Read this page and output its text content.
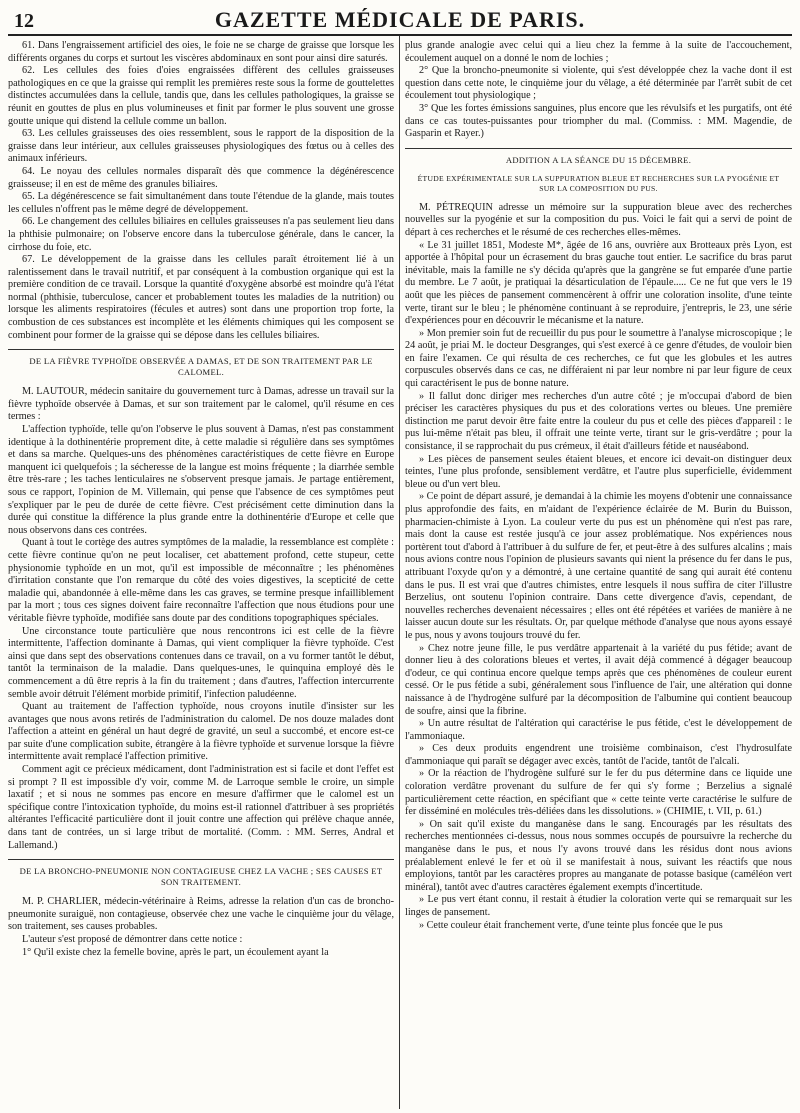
12	GAZETTE MÉDICALE DE PARIS.

61. Dans l'engraissement artificiel des oies, le foie ne se charge de graisse que lorsque les différents organes du corps et surtout les viscères abdominaux en sont pour ainsi dire saturés.

62. Les cellules des foies d'oies engraissées diffèrent des cellules graisseuses pathologiques en ce que la graisse qui remplit les premières reste sous la forme de gouttelettes distinctes accumulées dans la cellule, tandis que, dans les cellules pathologiques, la graisse se réunit en gouttes de plus en plus volumineuses et finit par former le plus souvent une grosse goutte unique qui distend la cellule comme un ballon.

63. Les cellules graisseuses des oies ressemblent, sous le rapport de la disposition de la graisse dans leur intérieur, aux cellules graisseuses physiologiques des fœtus ou à celles des animaux inférieurs.

64. Le noyau des cellules normales disparaît dès que commence la dégénérescence graisseuse; il en est de même des granules biliaires.

65. La dégénérescence se fait simultanément dans toute l'étendue de la glande, mais toutes les cellules n'offrent pas le même degré de développement.

66. Le changement des cellules biliaires en cellules graisseuses n'a pas seulement lieu dans la phthisie pulmonaire; on l'observe encore dans la tuberculose générale, dans le cancer, la cirrhose du foie, etc.

67. Le développement de la graisse dans les cellules paraît étroitement lié à un ralentissement dans le travail nutritif, et par conséquent à la combustion organique qui est la première condition de ce travail. Lorsque la quantité d'oxygène absorbé est moindre qu'à l'état normal (phthisie, tuberculose, cancer et probablement toutes les maladies de la nutrition) ou lorsque les aliments respiratoires (fécules et autres) sont dans une proportion trop forte, la combustion de ces substances est incomplète et les éléments chimiques qui les composent se combinent pour former de la graisse qui se dépose dans les cellules biliaires.

DE LA FIÈVRE TYPHOÏDE OBSERVÉE A DAMAS, ET DE SON TRAITEMENT PAR LE CALOMEL.

M. LAUTOUR, médecin sanitaire du gouvernement turc à Damas, adresse un travail sur la fièvre typhoïde observée à Damas, et sur son traitement par le calomel, qu'il résume en ces termes :

L'affection typhoïde, telle qu'on l'observe le plus souvent à Damas, n'est pas constamment identique à la dothinentérie proprement dite, à cette maladie si régulière dans ses symptômes et dans sa marche. Quelques-uns des phénomènes caractéristiques de cette fièvre en Europe manquent ici quelquefois ; la sécheresse de la langue est moins fréquente ; la diarrhée semble être très-rare ; les taches lenticulaires ne s'observent presque jamais. Je partage entièrement, sous ce rapport, l'opinion de M. Villemain, qui pense que l'absence de ces symptômes peut s'expliquer par le peu de durée de cette fièvre. C'est précisément cette diminution dans la durée qui constitue la différence la plus grande entre la dothinentérie d'Europe et celle que nous observons dans ces contrées.

Quant à tout le cortège des autres symptômes de la maladie, la ressemblance est complète : cette fièvre continue qu'on ne peut localiser, cet abattement profond, cette stupeur, cette physionomie typhoïde en un mot, qu'il est impossible de méconnaître ; les phénomènes d'irritation constante que l'on remarque du côté des voies digestives, la scepticité de cette maladie qui, abandonnée à elle-même dans les cas graves, se termine presque infailliblement par la mort ; tous ces signes doivent faire reconnaître l'affection que nous étudions pour une véritable fièvre typhoïde, modifiée sans doute par des conditions topographiques spéciales.

Une circonstance toute particulière que nous rencontrons ici est celle de la fièvre intermittente, l'affection dominante à Damas, qui vient compliquer la fièvre typhoïde. C'est ainsi que dans sept des observations contenues dans ce travail, on a vu former tantôt le début, tantôt la terminaison de la maladie. Dans quelques-unes, le quinquina employé dès le commencement a dû être repris à la fin du traitement ; dans d'autres, l'affection intercurrente semble avoir détruit l'élément morbide primitif, l'infection paludéenne.

Quant au traitement de l'affection typhoïde, nous croyons inutile d'insister sur les avantages que nous avons retirés de l'administration du calomel. De nos douze malades dont l'affection a atteint en général un haut degré de gravité, un seul a succombé, et encore est-ce par suite d'une complication subite, étrangère à la fièvre typhoïde et survenue lorsque la fièvre intermittente avait remplacé l'affection primitive.

Comment agit ce précieux médicament, dont l'administration est si facile et dont l'effet est si prompt ? Il est impossible d'y voir, comme M. de Larroque semble le croire, un simple laxatif ; et si nous ne sommes pas encore en mesure d'affirmer que le calomel est un spécifique contre l'intoxication typhoïde, du moins est-il rationnel d'attribuer à ses propriétés altérantes l'efficacité particulière dont il jouit contre une affection qui prélève chaque année, dans tant de contrées, un si large tribut de mortalité. (Comm. : MM. Serres, Andral et Lallemand.)

DE LA BRONCHO-PNEUMONIE NON CONTAGIEUSE CHEZ LA VACHE ; SES CAUSES ET SON TRAITEMENT.

M. P. CHARLIER, médecin-vétérinaire à Reims, adresse la relation d'un cas de broncho-pneumonite suraiguë, non contagieuse, observée chez une vache le cinquième jour du vêlage, son traitement, ses causes probables.

L'auteur s'est proposé de démontrer dans cette notice :

1° Qu'il existe chez la femelle bovine, après le part, un écoulement ayant la

plus grande analogie avec celui qui a lieu chez la femme à la suite de l'accouchement, écoulement auquel on a donné le nom de lochies ;

2° Que la broncho-pneumonite si violente, qui s'est développée chez la vache dont il est question dans cette note, le cinquième jour du vêlage, a été déterminée par l'arrêt subit de cet écoulement tout physiologique ;

3° Que les fortes émissions sanguines, plus encore que les révulsifs et les purgatifs, ont été dans ce cas toutes-puissantes pour triompher du mal. (Commiss. : MM. Magendie, de Gasparin et Rayer.)

ADDITION A LA SÉANCE DU 15 DÉCEMBRE.
ÉTUDE EXPÉRIMENTALE SUR LA SUPPURATION BLEUE ET RECHERCHES SUR LA PYOGÉNIE ET SUR LA COMPOSITION DU PUS.

M. PÉTREQUIN adresse un mémoire sur la suppuration bleue avec des recherches nouvelles sur la pyogénie et sur la composition du pus. Voici le fait qui a servi de point de départ à ces recherches et le résumé de ces recherches elles-mêmes.

« Le 31 juillet 1851, Modeste M*, âgée de 16 ans, ouvrière aux Brotteaux près Lyon, est apportée à l'hôpital pour un écrasement du bras gauche tout entier. Le sacrifice du bras parut inévitable, mais la famille ne s'y décida qu'après que la gangrène se fut emparée d'une partie du membre. Le 7 août, je pratiquai la désarticulation de l'épaule..... Ce ne fut que vers le 19 août que les pièces de pansement commencèrent à offrir une coloration insolite, d'une teinte verte, tirant sur le bleu ; le phénomène continuant à se reproduire, j'entrepris, le 23, une série d'expériences pour en découvrir le mécanisme et la nature.

» Mon premier soin fut de recueillir du pus pour le soumettre à l'analyse microscopique ; le 24 août, je priai M. le docteur Desgranges, qui s'est exercé à ce genre d'études, de vouloir bien en faire l'examen. Ce qui résulta de ces recherches, ce fut que les globules et les autres corpuscules observés dans ce cas, ne différaient ni par leur nombre ni par leur figure de ceux qui caractérisent le pus de bonne nature.

» Il fallut donc diriger mes recherches d'un autre côté ; je m'occupai d'abord de bien préciser les caractères physiques du pus et des colorations vertes ou bleues. Une première distinction me parut devoir être faite entre la couleur du pus et celle des pièces d'appareil : le pus lui-même n'était pas bleu, il offrait une teinte verte, tirant sur le gris-verdâtre ; pour la consistance, il se rapprochait du pus crémeux, il était d'ailleurs fétide et nauséabond.

» Les pièces de pansement seules étaient bleues, et encore ici devait-on distinguer deux teintes, l'une plus profonde, sensiblement verdâtre, et l'autre plus superficielle, évidemment bleue ou d'un vert bleu.

» Ce point de départ assuré, je demandai à la chimie les moyens d'obtenir une connaissance plus approfondie des faits, en m'aidant de l'expérience éclairée de M. Burin du Buisson, pharmacien-chimiste à Lyon. La couleur verte du pus est un phénomène qui n'est pas rare, mais dont la cause est restée jusqu'à ce jour assez problématique. Nos expériences nous portèrent tout d'abord à l'attribuer à du sulfure de fer, et peut-être à des sulfures alcalins ; mais nous avions contre nous l'opinion de plusieurs savants qui nient la présence du fer dans le pus, attribuant l'oxyde qu'on y a démontré, à une certaine quantité de sang qui aurait été contenu dans le pus. Il est vrai que d'autres chimistes, entre lesquels il nous suffira de citer l'illustre Berzelius, ont soutenu l'opinion contraire. Dans cette divergence d'avis, cependant, de nouvelles recherches devenaient nécessaires ; elles ont été répétées et variées de manière à ne laisser aucun doute sur les résultats. Or, par quelque méthode d'analyse que nous ayons essayé le pus, nous y avons toujours trouvé du fer.

» Chez notre jeune fille, le pus verdâtre appartenait à la variété du pus fétide; avant de donner lieu à des colorations bleues et vertes, il avait déjà commencé à dégager beaucoup d'odeur, ce qui continua encore quelque temps après que ces phénomènes de couleur eurent cessé. Or le pus fétide a subi, généralement sous l'influence de l'air, une altération qui donne naissance à de l'hydrogène sulfuré par la décomposition de l'albumine qui contient beaucoup de soufre, ainsi que la fibrine.

» Un autre résultat de l'altération qui caractérise le pus fétide, c'est le développement de l'ammoniaque.

» Ces deux produits engendrent une troisième combinaison, c'est l'hydrosulfate d'ammoniaque qui paraît se dégager avec excès, tantôt de l'acide, tantôt de l'alcali.

» Or la réaction de l'hydrogène sulfuré sur le fer du pus détermine dans ce liquide une coloration verdâtre provenant du sulfure de fer qui s'y forme ; Berzelius a signalé particulièrement cette réaction, en spécifiant que « cette teinte verte caractérise le sulfure de fer disséminé en molécules très-déliées dans les dissolutions. » (CHIMIE, t. VII, p. 61.)

» On sait qu'il existe du manganèse dans le sang. Encouragés par les résultats des recherches mentionnées ci-dessus, nous nous sommes occupés de poursuivre la recherche du manganèse dans le pus, et nous l'y avons trouvé dans les résidus dont nous avions préalablement enlevé le fer et où il se manifestait à nous, suivant les réactifs que nous employions, tantôt par les caractères propres au manganate de potasse basique (caméléon vert minéral), tantôt avec d'autres caractères également exempts d'incertitude.

» Le pus vert étant connu, il restait à étudier la coloration verte qui se remarquait sur les linges de pansement.

» Cette couleur était franchement verte, d'une teinte plus foncée que le pus
